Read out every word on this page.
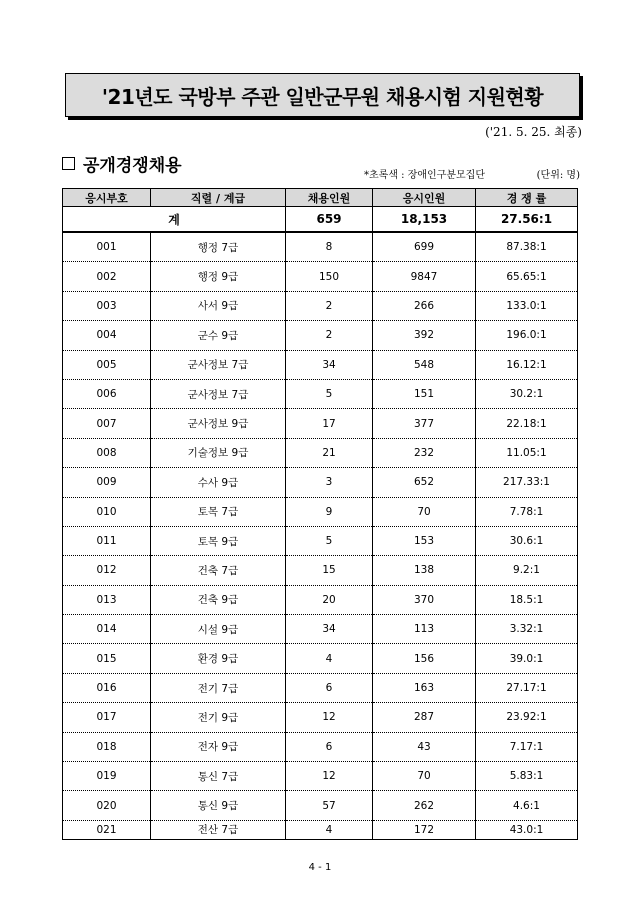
'21년도 국방부 주관 일반군무원 채용시험 지원현황
('21. 5. 25. 최종)
공개경쟁채용	*초록색 : 장애인구분모집단	(단위: 명)
응시부호	직렬 / 계급	채용인원	응시인원	경 쟁 률
계		659	18,153	27.56:1
001	행정 7급	8	699	87.38:1
002	행정 9급	150	9847	65.65:1
003	사서 9급	2	266	133.0:1
004	군수 9급	2	392	196.0:1
005	군사정보 7급	34	548	16.12:1
006	군사정보 7급	5	151	30.2:1
007	군사정보 9급	17	377	22.18:1
008	기술정보 9급	21	232	11.05:1
009	수사 9급	3	652	217.33:1
010	토목 7급	9	70	7.78:1
011	토목 9급	5	153	30.6:1
012	건축 7급	15	138	9.2:1
013	건축 9급	20	370	18.5:1
014	시설 9급	34	113	3.32:1
015	환경 9급	4	156	39.0:1
016	전기 7급	6	163	27.17:1
017	전기 9급	12	287	23.92:1
018	전자 9급	6	43	7.17:1
019	통신 7급	12	70	5.83:1
020	통신 9급	57	262	4.6:1
021	전산 7급	4	172	43.0:1
4 - 1
